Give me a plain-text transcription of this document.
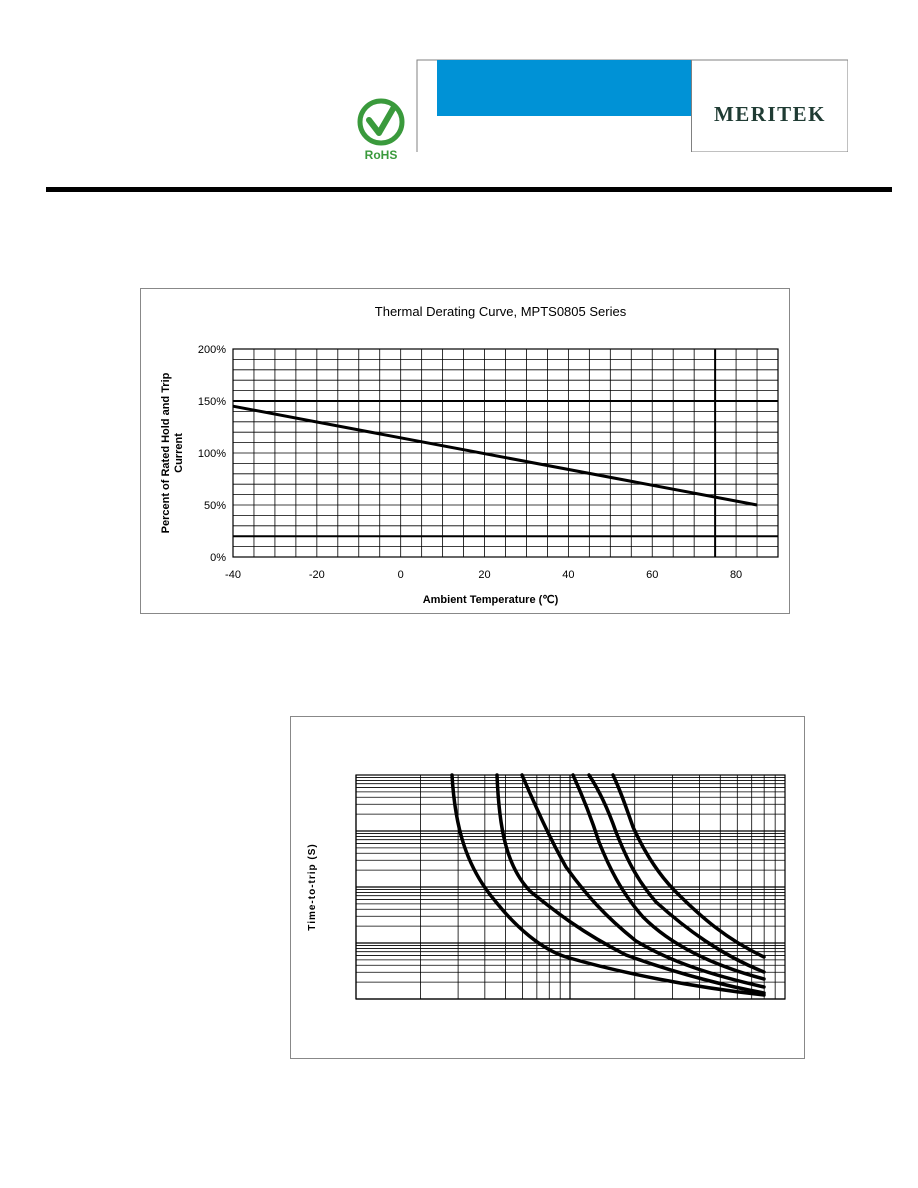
RoHS
MERITEK
-40	-20	0	20	40	60	80
0%
50%
100%
150%
200%
Thermal Derating Curve, MPTS0805 Series
Ambient Temperature (℃)
Percent of Rated Hold and TripCurrent
Time-to-trip (S)
